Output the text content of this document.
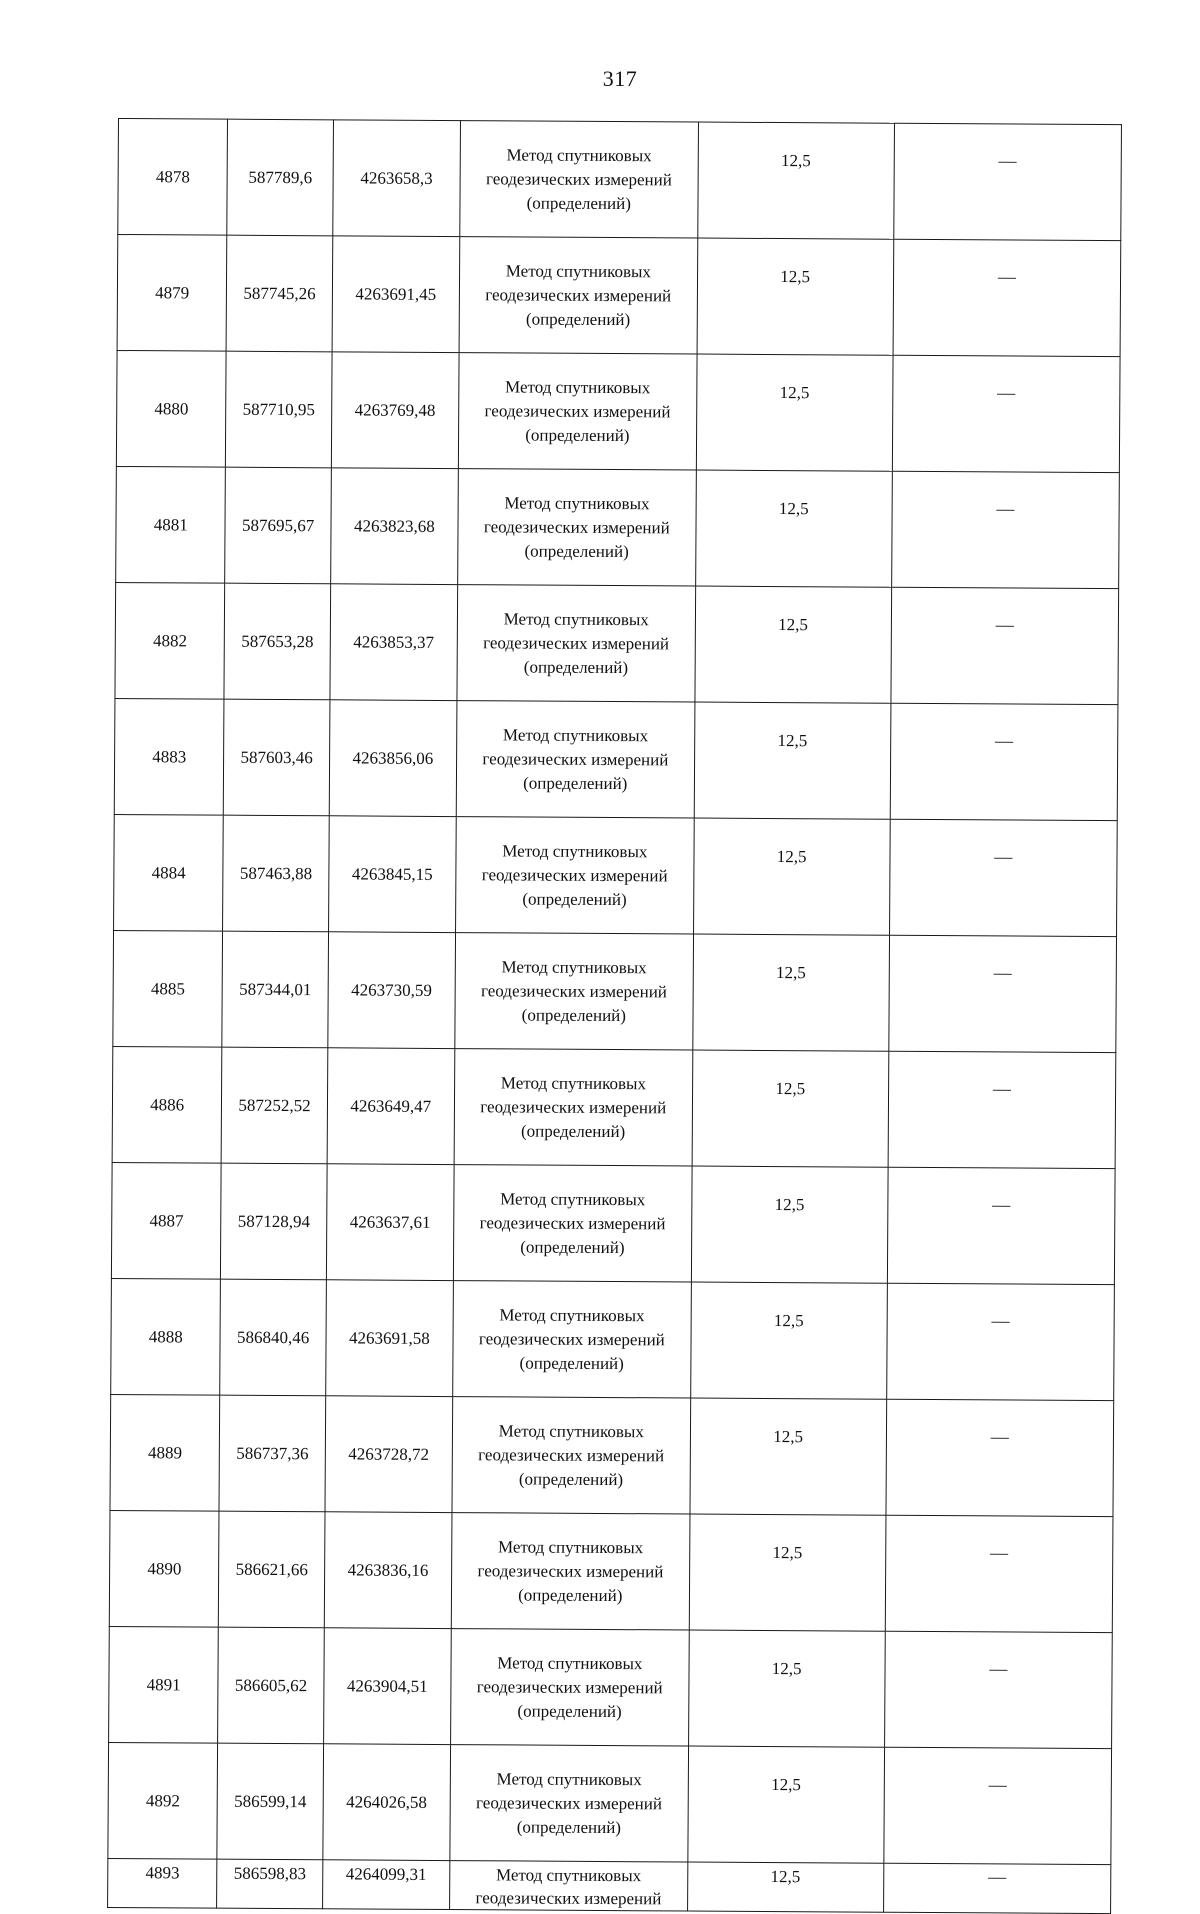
317
4878	587789,6	4263658,3	Метод спутниковых
геодезических измерений
(определений)	12,5	—
4879	587745,26	4263691,45	Метод спутниковых
геодезических измерений
(определений)	12,5	—
4880	587710,95	4263769,48	Метод спутниковых
геодезических измерений
(определений)	12,5	—
4881	587695,67	4263823,68	Метод спутниковых
геодезических измерений
(определений)	12,5	—
4882	587653,28	4263853,37	Метод спутниковых
геодезических измерений
(определений)	12,5	—
4883	587603,46	4263856,06	Метод спутниковых
геодезических измерений
(определений)	12,5	—
4884	587463,88	4263845,15	Метод спутниковых
геодезических измерений
(определений)	12,5	—
4885	587344,01	4263730,59	Метод спутниковых
геодезических измерений
(определений)	12,5	—
4886	587252,52	4263649,47	Метод спутниковых
геодезических измерений
(определений)	12,5	—
4887	587128,94	4263637,61	Метод спутниковых
геодезических измерений
(определений)	12,5	—
4888	586840,46	4263691,58	Метод спутниковых
геодезических измерений
(определений)	12,5	—
4889	586737,36	4263728,72	Метод спутниковых
геодезических измерений
(определений)	12,5	—
4890	586621,66	4263836,16	Метод спутниковых
геодезических измерений
(определений)	12,5	—
4891	586605,62	4263904,51	Метод спутниковых
геодезических измерений
(определений)	12,5	—
4892	586599,14	4264026,58	Метод спутниковых
геодезических измерений
(определений)	12,5	—
4893	586598,83	4264099,31	Метод спутниковых
геодезических измерений	12,5	—
